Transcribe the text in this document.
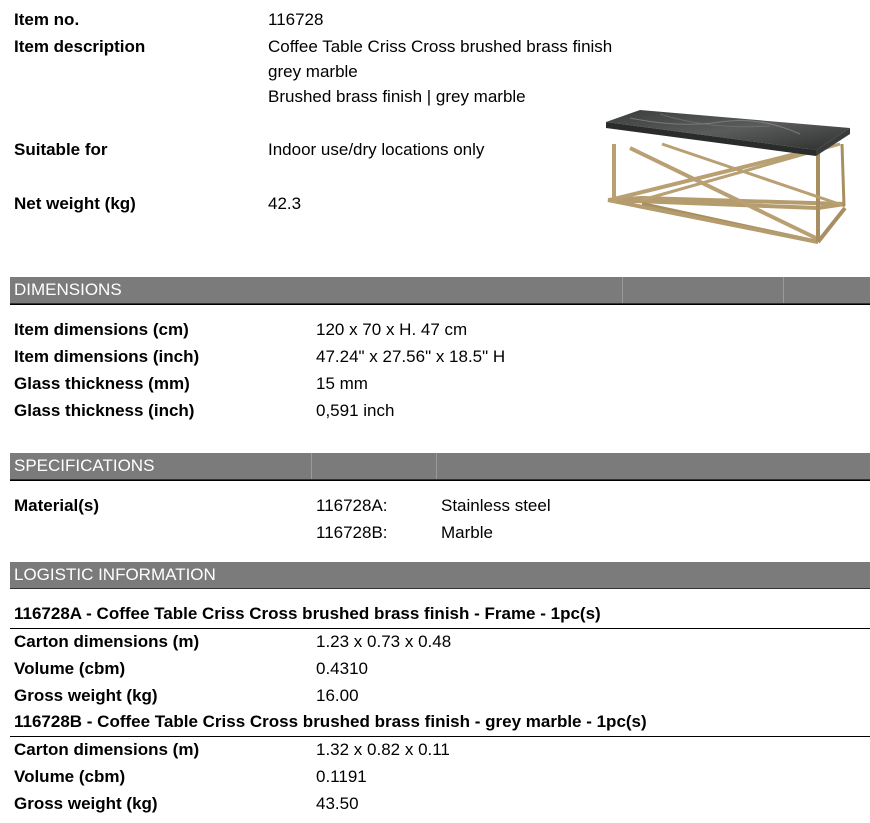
Item no.	116728
Item description	Coffee Table Criss Cross brushed brass finish
grey marble
Brushed brass finish | grey marble
Suitable for	Indoor use/dry locations only
Net weight (kg)	42.3
DIMENSIONS
Item dimensions (cm)	120 x 70 x H. 47 cm
Item dimensions (inch)	47.24" x 27.56" x 18.5" H
Glass thickness (mm)	15 mm
Glass thickness (inch)	0,591 inch
SPECIFICATIONS
Material(s)	116728A:	Stainless steel
116728B:	Marble
LOGISTIC INFORMATION
116728A - Coffee Table Criss Cross brushed brass finish - Frame - 1pc(s)
Carton dimensions (m)	1.23 x 0.73 x 0.48
Volume (cbm)	0.4310
Gross weight (kg)	16.00
116728B - Coffee Table Criss Cross brushed brass finish - grey marble - 1pc(s)
Carton dimensions (m)	1.32 x 0.82 x 0.11
Volume (cbm)	0.1191
Gross weight (kg)	43.50
